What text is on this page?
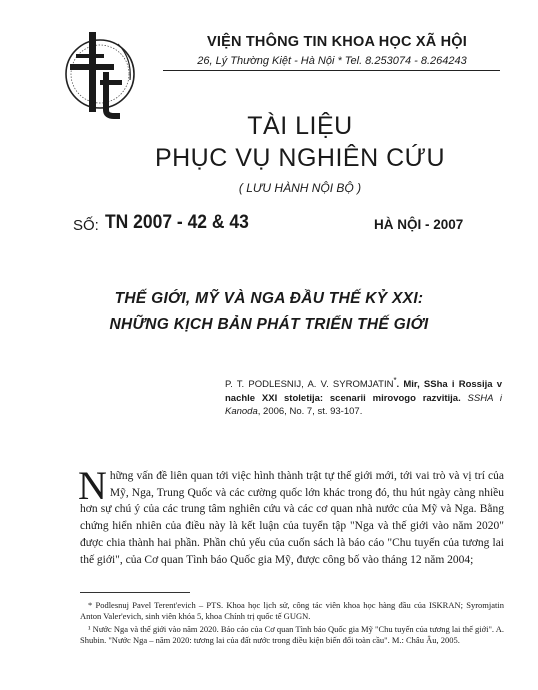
VIỆN THÔNG TIN KHOA HỌC XÃ HỘI
26, Lý Thường Kiệt - Hà Nội * Tel. 8.253074 - 8.264243
TÀI LIỆU
PHỤC VỤ NGHIÊN CỨU
( LƯU HÀNH NỘI BỘ )
SỐ: TN 2007 - 42 & 43	HÀ NỘI - 2007
THẾ GIỚI, MỸ VÀ NGA ĐẦU THẾ KỶ XXI:
NHỮNG KỊCH BẢN PHÁT TRIỂN THẾ GIỚI
P. T. PODLESNIJ, A. V. SYROMJATIN*. Mir, SSha i Rossija v nachle XXI stoletija: scenarii mirovogo razvitija. SSHA i Kanoda, 2006, No. 7, st. 93-107.
Những vấn đề liên quan tới việc hình thành trật tự thế giới mới, tới vai trò và vị trí của Mỹ, Nga, Trung Quốc và các cường quốc lớn khác trong đó, thu hút ngày càng nhiều hơn sự chú ý của các trung tâm nghiên cứu và các cơ quan nhà nước của Mỹ và Nga. Bằng chứng hiển nhiên của điều này là kết luận của tuyển tập "Nga và thế giới vào năm 2020" được chia thành hai phần. Phần chủ yếu của cuốn sách là báo cáo "Chu tuyến của tương lai thế giới", của Cơ quan Tình báo Quốc gia Mỹ, được công bố vào tháng 12 năm 2004;
* Podlesnuj Pavel Terent'evich – PTS. Khoa học lịch sử, công tác viên khoa học hàng đầu của ISKRAN; Syromjatin Anton Valer'evich, sinh viên khóa 5, khoa Chính trị quốc tế GUGN.
¹ Nước Nga và thế giới vào năm 2020. Báo cáo của Cơ quan Tình báo Quốc gia Mỹ "Chu tuyến của tương lai thế giới". A. Shubin. "Nước Nga – năm 2020: tương lai của đất nước trong điều kiện biến đổi toàn cầu". M.: Châu Âu, 2005.
